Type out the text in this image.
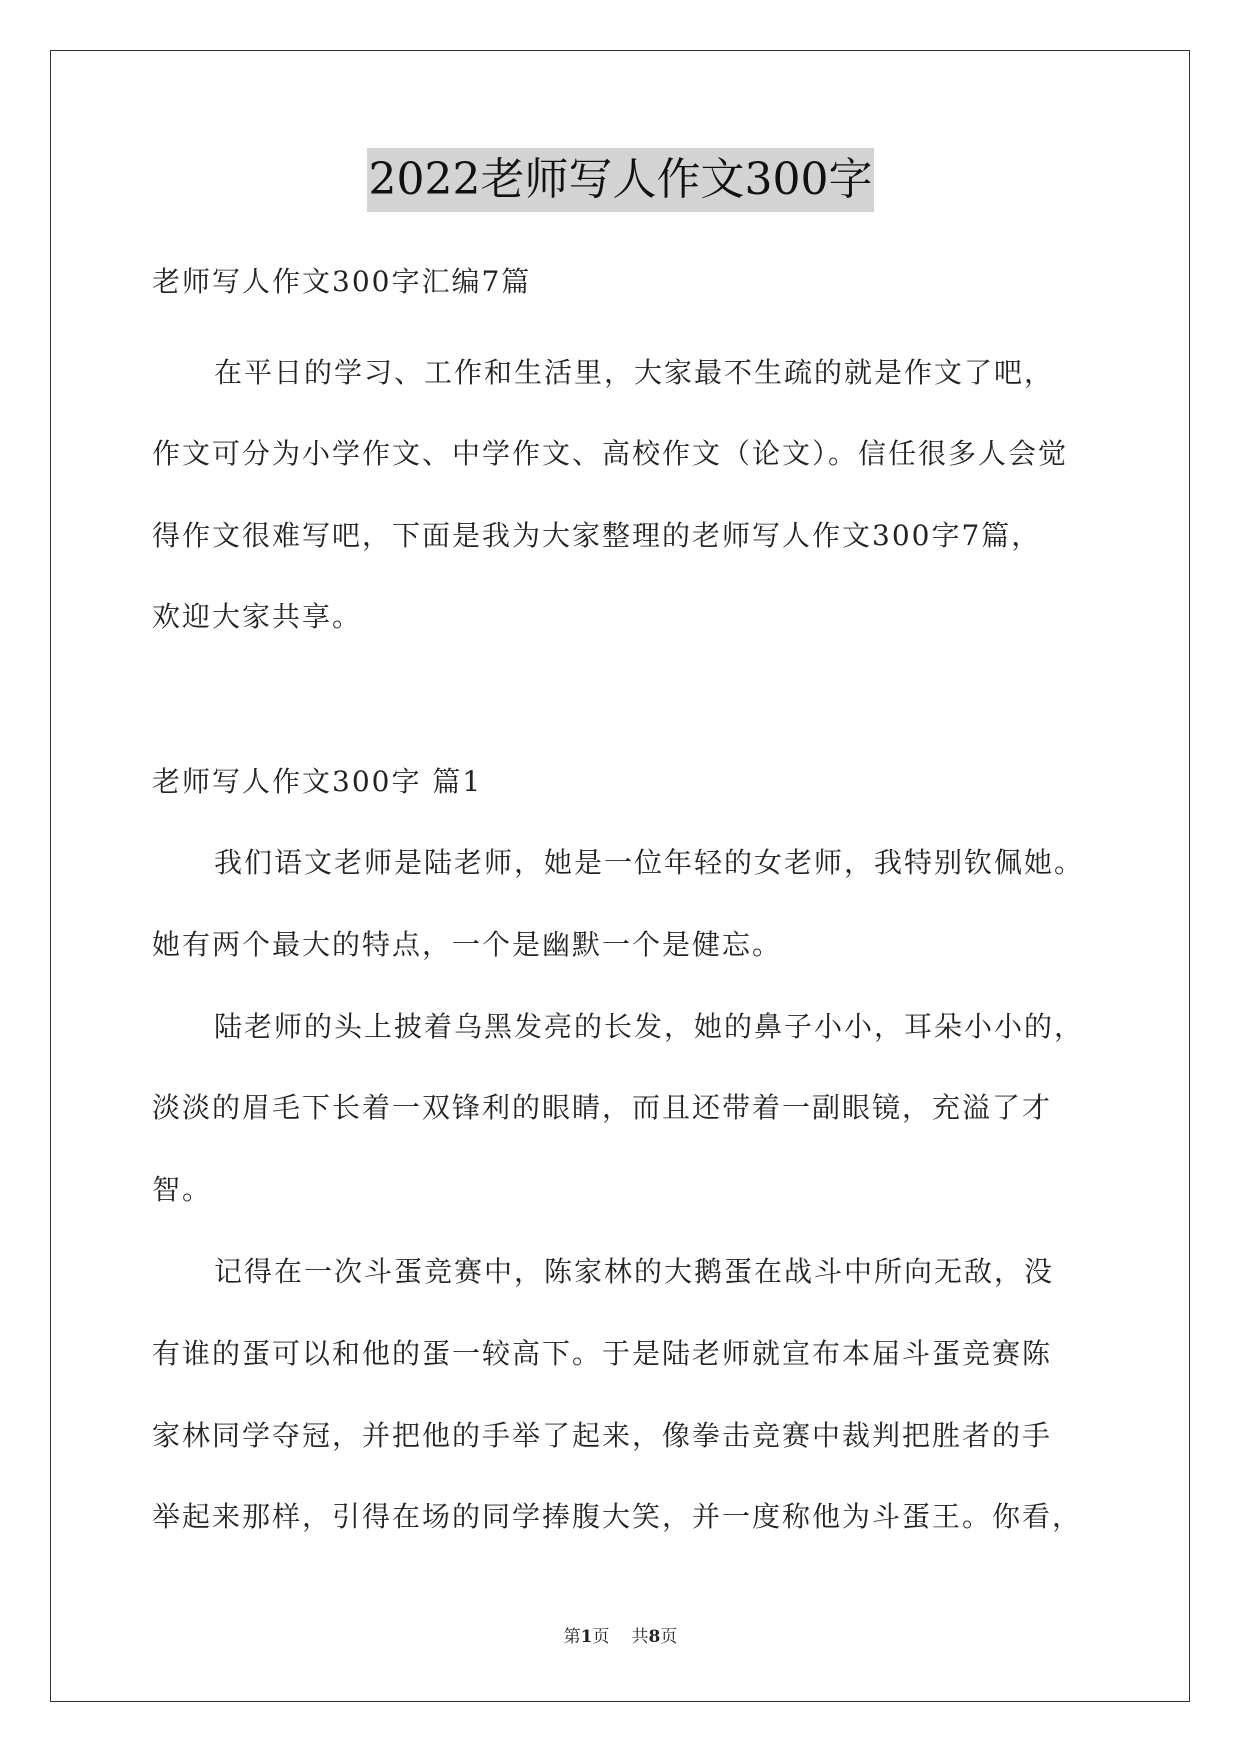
2022老师写人作文300字
老师写人作文300字汇编7篇
在平日的学习、工作和生活里，大家最不生疏的就是作文了吧，
作文可分为小学作文、中学作文、高校作文（论文）。信任很多人会觉
得作文很难写吧，下面是我为大家整理的老师写人作文300字7篇，
欢迎大家共享。
老师写人作文300字 篇1
我们语文老师是陆老师，她是一位年轻的女老师，我特别钦佩她。
她有两个最大的特点，一个是幽默一个是健忘。
陆老师的头上披着乌黑发亮的长发，她的鼻子小小，耳朵小小的，
淡淡的眉毛下长着一双锋利的眼睛，而且还带着一副眼镜，充溢了才
智。
记得在一次斗蛋竞赛中，陈家林的大鹅蛋在战斗中所向无敌，没
有谁的蛋可以和他的蛋一较高下。于是陆老师就宣布本届斗蛋竞赛陈
家林同学夺冠，并把他的手举了起来，像拳击竞赛中裁判把胜者的手
举起来那样，引得在场的同学捧腹大笑，并一度称他为斗蛋王。你看，
第1页 共8页
